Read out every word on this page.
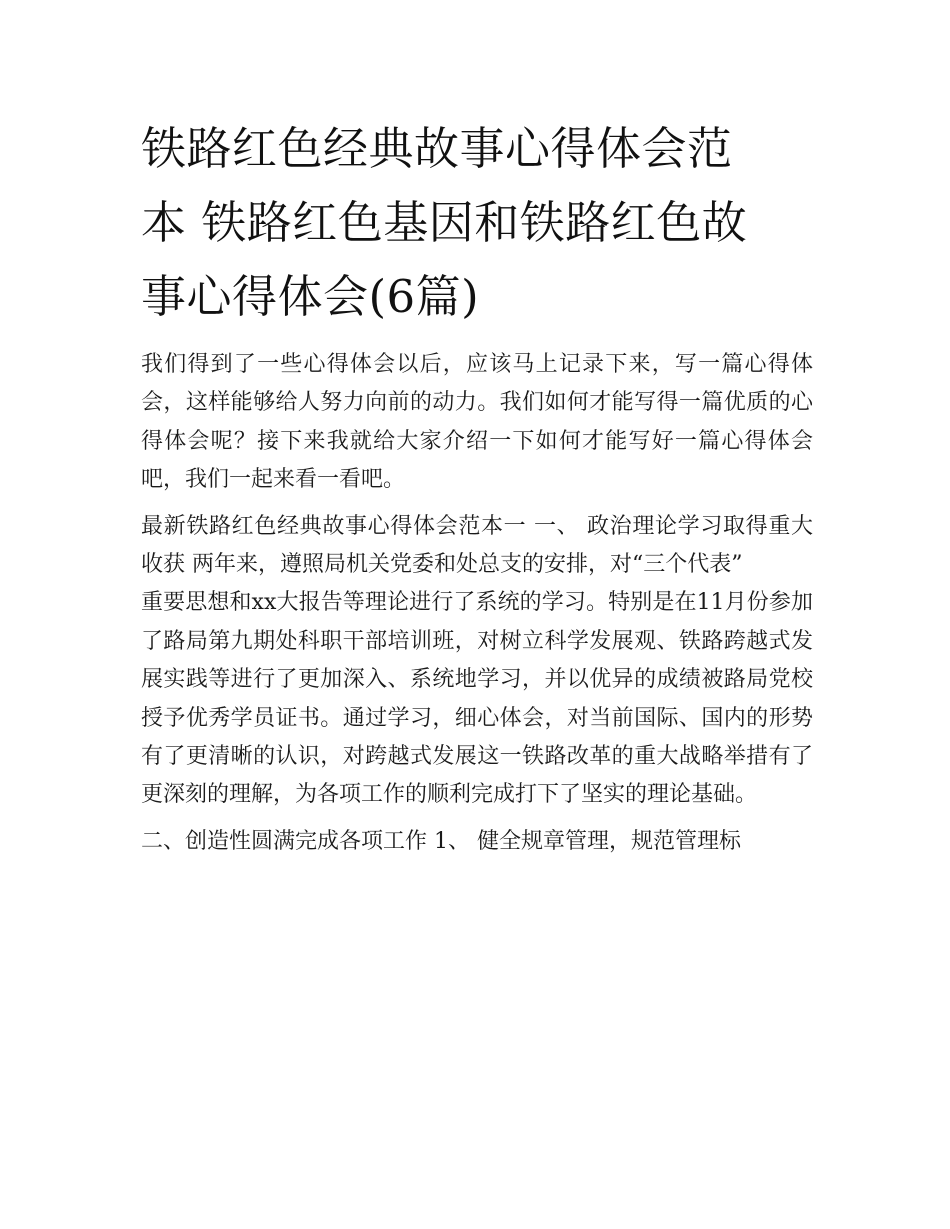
铁路红色经典故事心得体会范
本 铁路红色基因和铁路红色故
事心得体会(6篇)

我们得到了一些心得体会以后，应该马上记录下来，写一篇心得体会，这样能够给人努力向前的动力。我们如何才能写得一篇优质的心得体会呢？接下来我就给大家介绍一下如何才能写好一篇心得体会吧，我们一起来看一看吧。

最新铁路红色经典故事心得体会范本一 一、 政治理论学习取得重大收获 两年来，遵照局机关党委和处总支的安排，对“三个代表”

重要思想和xx大报告等理论进行了系统的学习。特别是在11月份参加了路局第九期处科职干部培训班，对树立科学发展观、铁路跨越式发展实践等进行了更加深入、系统地学习，并以优异的成绩被路局党校授予优秀学员证书。通过学习，细心体会，对当前国际、国内的形势有了更清晰的认识，对跨越式发展这一铁路改革的重大战略举措有了更深刻的理解，为各项工作的顺利完成打下了坚实的理论基础。

二、创造性圆满完成各项工作 1、 健全规章管理，规范管理标
